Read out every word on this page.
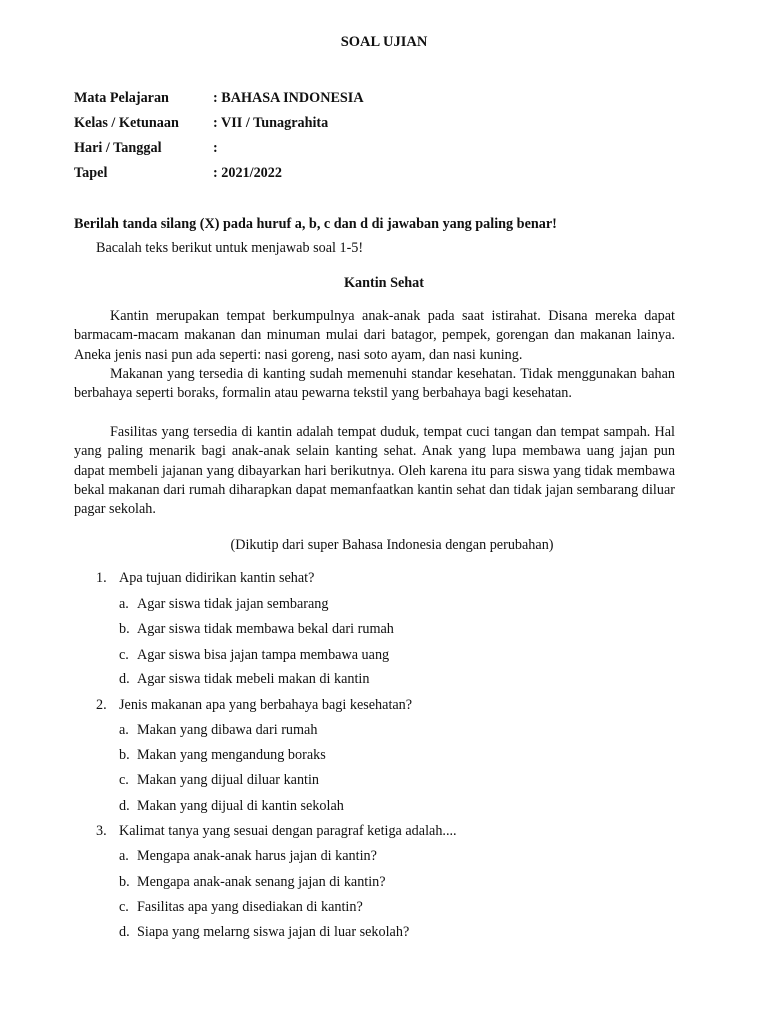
SOAL UJIAN
Mata Pelajaran	: BAHASA INDONESIA
Kelas / Ketunaan	: VII / Tunagrahita
Hari / Tanggal	:
Tapel	: 2021/2022
Berilah tanda silang (X) pada huruf a, b, c dan d di jawaban yang paling benar!
Bacalah teks berikut untuk menjawab soal 1-5!
Kantin Sehat

Kantin merupakan tempat berkumpulnya anak-anak pada saat istirahat. Disana mereka dapat barmacam-macam makanan dan minuman mulai dari batagor, pempek, gorengan dan makanan lainya. Aneka jenis nasi pun ada seperti: nasi goreng, nasi soto ayam, dan nasi kuning.

Makanan yang tersedia di kanting sudah memenuhi standar kesehatan. Tidak menggunakan bahan berbahaya seperti boraks, formalin atau pewarna tekstil yang berbahaya bagi kesehatan.

Fasilitas yang tersedia di kantin adalah tempat duduk, tempat cuci tangan dan tempat sampah. Hal yang paling menarik bagi anak-anak selain kanting sehat. Anak yang lupa membawa uang jajan pun dapat membeli jajanan yang dibayarkan hari berikutnya. Oleh karena itu para siswa yang tidak membawa bekal makanan dari rumah diharapkan dapat memanfaatkan kantin sehat dan tidak jajan sembarang diluar pagar sekolah.

(Dikutip dari super Bahasa Indonesia dengan perubahan)
1. Apa tujuan didirikan kantin sehat?
a. Agar siswa tidak jajan sembarang
b. Agar siswa tidak membawa bekal dari rumah
c. Agar siswa bisa jajan tampa membawa uang
d. Agar siswa tidak mebeli makan di kantin
2. Jenis makanan apa yang berbahaya bagi kesehatan?
a. Makan yang dibawa dari rumah
b. Makan yang mengandung boraks
c. Makan yang dijual diluar kantin
d. Makan yang dijual di kantin sekolah
3. Kalimat tanya yang sesuai dengan paragraf ketiga adalah....
a. Mengapa anak-anak harus jajan di kantin?
b. Mengapa anak-anak senang jajan di kantin?
c. Fasilitas apa yang disediakan di kantin?
d. Siapa yang melarng siswa jajan di luar sekolah?
